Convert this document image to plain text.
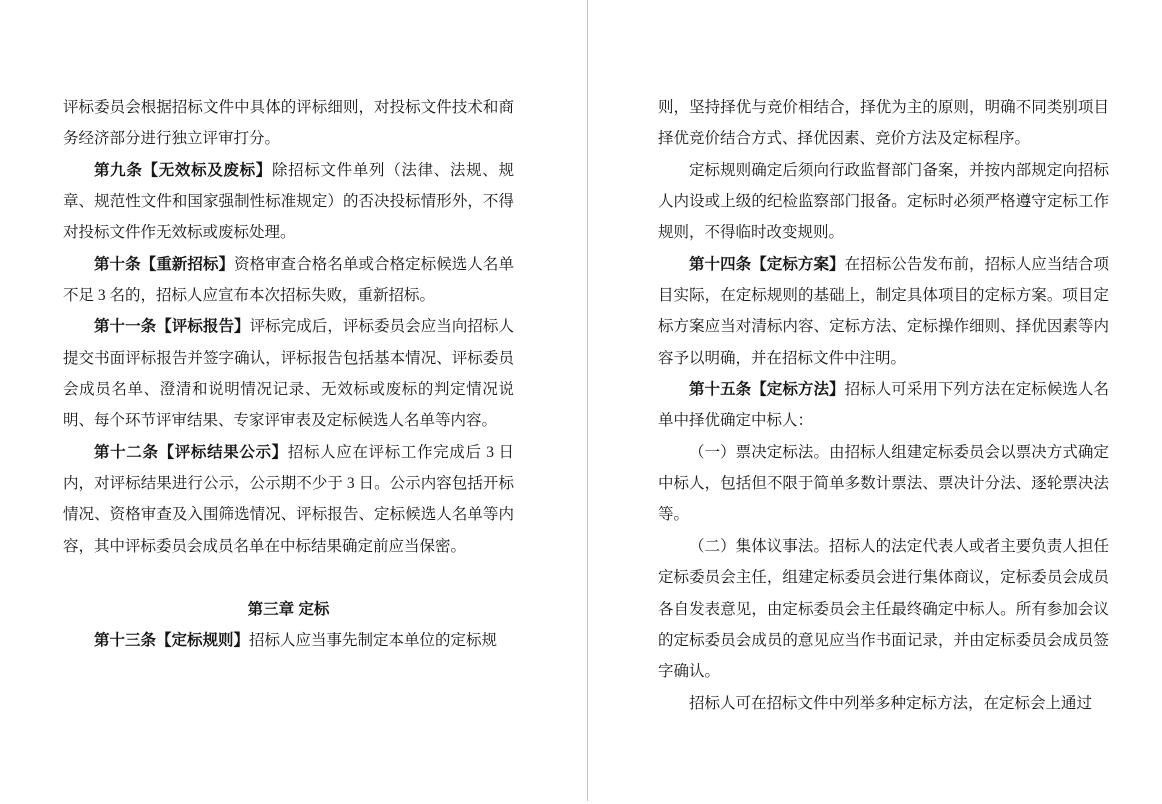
评标委员会根据招标文件中具体的评标细则，对投标文件技术和商务经济部分进行独立评审打分。

第九条【无效标及废标】除招标文件单列（法律、法规、规章、规范性文件和国家强制性标准规定）的否决投标情形外，不得对投标文件作无效标或废标处理。

第十条【重新招标】资格审查合格名单或合格定标候选人名单不足 3 名的，招标人应宣布本次招标失败，重新招标。

第十一条【评标报告】评标完成后，评标委员会应当向招标人提交书面评标报告并签字确认，评标报告包括基本情况、评标委员会成员名单、澄清和说明情况记录、无效标或废标的判定情况说明、每个环节评审结果、专家评审表及定标候选人名单等内容。

第十二条【评标结果公示】招标人应在评标工作完成后 3 日内，对评标结果进行公示，公示期不少于 3 日。公示内容包括开标情况、资格审查及入围筛选情况、评标报告、定标候选人名单等内容，其中评标委员会成员名单在中标结果确定前应当保密。

第三章 定标

第十三条【定标规则】招标人应当事先制定本单位的定标规

则，坚持择优与竞价相结合，择优为主的原则，明确不同类别项目择优竞价结合方式、择优因素、竞价方法及定标程序。

定标规则确定后须向行政监督部门备案，并按内部规定向招标人内设或上级的纪检监察部门报备。定标时必须严格遵守定标工作规则，不得临时改变规则。

第十四条【定标方案】在招标公告发布前，招标人应当结合项目实际，在定标规则的基础上，制定具体项目的定标方案。项目定标方案应当对清标内容、定标方法、定标操作细则、择优因素等内容予以明确，并在招标文件中注明。

第十五条【定标方法】招标人可采用下列方法在定标候选人名单中择优确定中标人：

（一）票决定标法。由招标人组建定标委员会以票决方式确定中标人，包括但不限于简单多数计票法、票决计分法、逐轮票决法等。

（二）集体议事法。招标人的法定代表人或者主要负责人担任定标委员会主任，组建定标委员会进行集体商议，定标委员会成员各自发表意见，由定标委员会主任最终确定中标人。所有参加会议的定标委员会成员的意见应当作书面记录，并由定标委员会成员签字确认。

招标人可在招标文件中列举多种定标方法，在定标会上通过
